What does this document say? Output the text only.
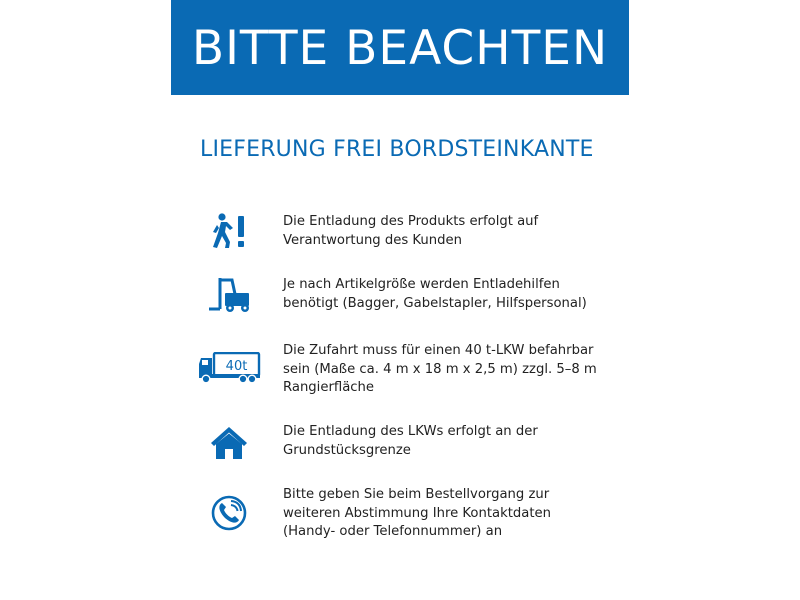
BITTE BEACHTEN
LIEFERUNG FREI BORDSTEINKANTE
Die Entladung des Produkts erfolgt auf
Verantwortung des Kunden
Je nach Artikelgröße werden Entladehilfen
benötigt (Bagger, Gabelstapler, Hilfspersonal)
40t
Die Zufahrt muss für einen 40 t-LKW befahrbar
sein (Maße ca. 4 m x 18 m x 2,5 m) zzgl. 5–8 m
Rangierfläche
Die Entladung des LKWs erfolgt an der
Grundstücksgrenze
Bitte geben Sie beim Bestellvorgang zur
weiteren Abstimmung Ihre Kontaktdaten
(Handy- oder Telefonnummer) an
